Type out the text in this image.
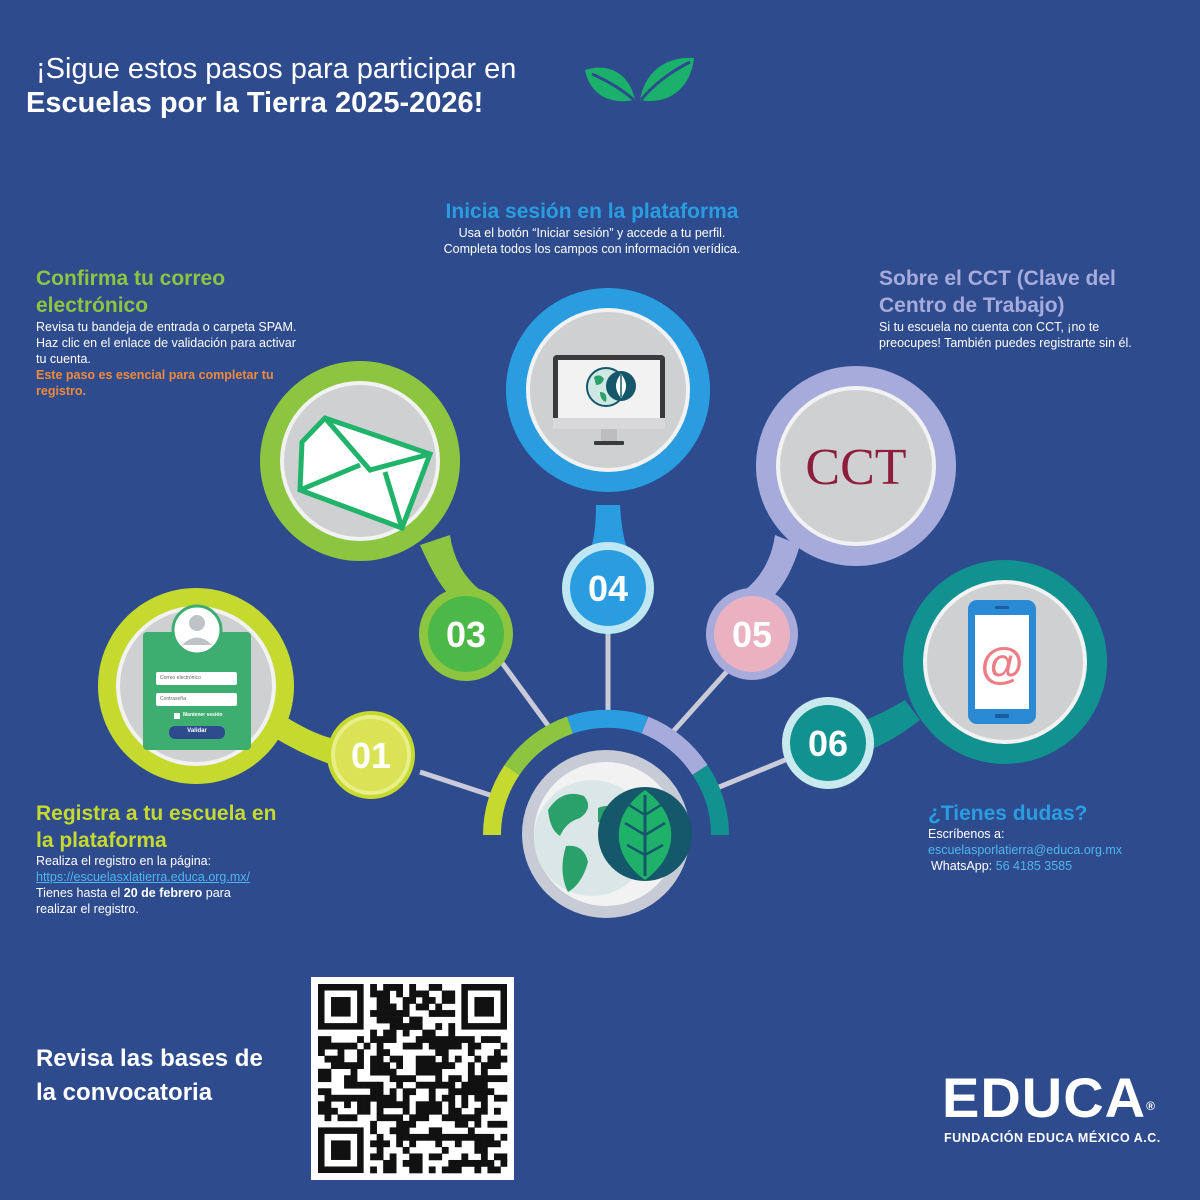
@
¡Sigue estos pasos para participar en
Escuelas por la Tierra 2025-2026!
Correo electrónico
Contraseña
Mantener sesión
Validar
CCT
01
03
04
05
06
Confirma tu correo
electrónico
Revisa tu bandeja de entrada o carpeta SPAM.
Haz clic en el enlace de validación para activar
tu cuenta.
Este paso es esencial para completar tu
registro.
Inicia sesión en la plataforma
Usa el botón “Iniciar sesión” y accede a tu perfil.
Completa todos los campos con información verídica.
Sobre el CCT (Clave del
Centro de Trabajo)
Si tu escuela no cuenta con CCT, ¡no te
preocupes! También puedes registrarte sin él.
Registra a tu escuela en
la plataforma
Realiza el registro en la página:
https://escuelasxlatierra.educa.org.mx/
Tienes hasta el 20 de febrero para
realizar el registro.
¿Tienes dudas?
Escríbenos a:
escuelasporlatierra@educa.org.mx
WhatsApp: 56 4185 3585
Revisa las bases de
la convocatoria	EDUCA®
FUNDACIÓN EDUCA MÉXICO A.C.
